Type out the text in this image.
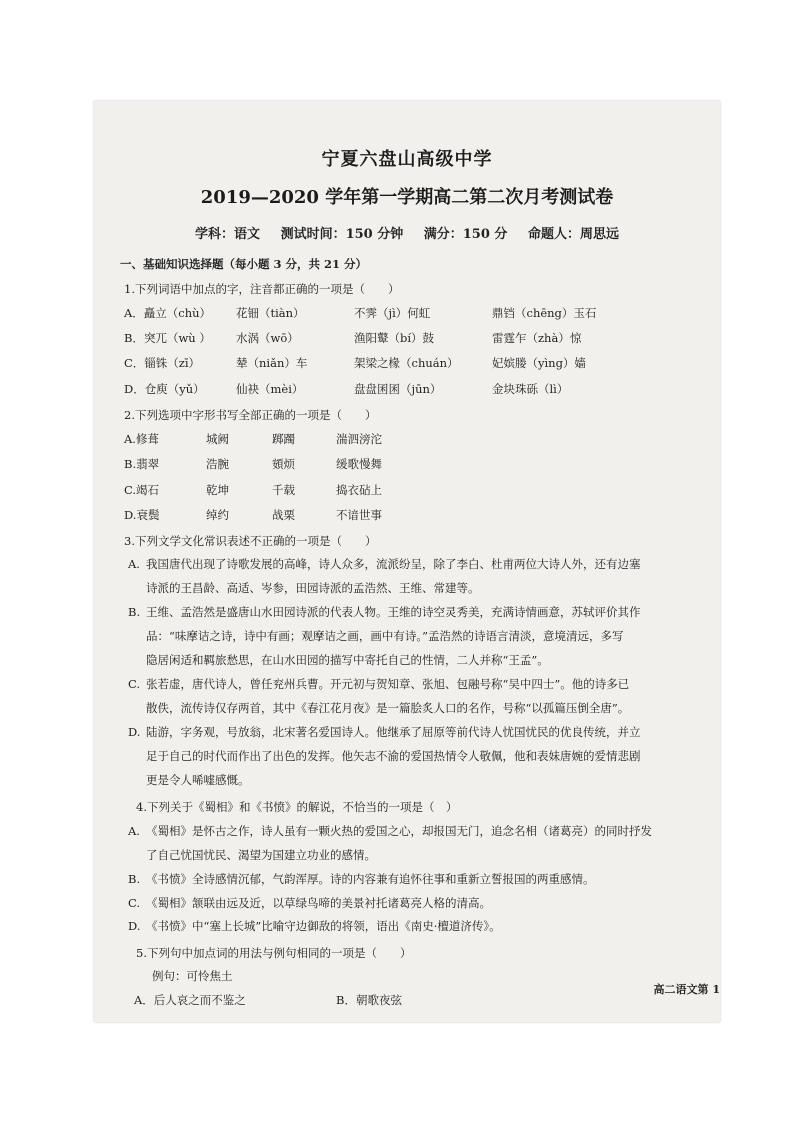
宁夏六盘山高级中学
2019—2020 学年第一学期高二第二次月考测试卷
学科：语文 测试时间：150 分钟 满分：150 分 命题人：周思远
一、基础知识选择题（每小题 3 分，共 21 分）
1.下列词语中加点的字，注音都正确的一项是（　　）
A．矗立（chù） 花钿（tiàn）	不霁（jì）何虹	鼎铛（chēng）玉石
B．突兀（wù ） 水涡（wō）	渔阳鼙（bí）鼓	雷霆乍（zhà）惊
C．锱铢（zī）	辇（niǎn）车	架梁之椽（chuán）	妃嫔媵（yìng）嫱
D．仓庾（yǔ）	仙袂（mèi）	盘盘囷囷（jūn）	金块珠砾（lì）
2.下列选项中字形书写全部正确的一项是（　　）
A.修葺	城阙	踯躅	湍泗滂沱
B.翡翠	浩腕	頞烦	缓歌慢舞
C.竭石	乾坤	千载	捣衣砧上
D.衰鬓	绰约	战栗	不谙世事
3.下列文学文化常识表述不正确的一项是（　　）
A. 我国唐代出现了诗歌发展的高峰，诗人众多，流派纷呈，除了李白、杜甫两位大诗人外，还有边塞
诗派的王昌龄、高适、岑参，田园诗派的孟浩然、王维、常建等。
B. 王维、孟浩然是盛唐山水田园诗派的代表人物。王维的诗空灵秀美，充满诗情画意，苏轼评价其作
品：“味摩诘之诗，诗中有画；观摩诘之画，画中有诗。”孟浩然的诗语言清淡，意境清远，多写
隐居闲适和羁旅愁思，在山水田园的描写中寄托自己的性情，二人并称“王孟”。
C. 张若虚，唐代诗人，曾任兖州兵曹。开元初与贺知章、张旭、包融号称“吴中四士”。他的诗多已
散佚，流传诗仅存两首，其中《春江花月夜》是一篇脍炙人口的名作，号称“以孤篇压倒全唐”。
D. 陆游，字务观，号放翁，北宋著名爱国诗人。他继承了屈原等前代诗人忧国忧民的优良传统，并立
足于自己的时代而作出了出色的发挥。他矢志不渝的爱国热情令人敬佩，他和表妹唐婉的爱情悲剧
更是令人唏嘘感慨。
4.下列关于《蜀相》和《书愤》的解说，不恰当的一项是（　）
A. 《蜀相》是怀古之作，诗人虽有一颗火热的爱国之心，却报国无门，追念名相（诸葛亮）的同时抒发
了自己忧国忧民、渴望为国建立功业的感情。
B. 《书愤》全诗感情沉郁，气韵浑厚。诗的内容兼有追怀往事和重新立誓报国的两重感情。
C. 《蜀相》颔联由远及近，以草绿鸟啼的美景衬托诸葛亮人格的清高。
D. 《书愤》中“塞上长城”比喻守边御敌的将领，语出《南史·檀道济传》。
5.下列句中加点词的用法与例句相同的一项是（　　）
例句：可怜焦土
A．后人哀之而不鉴之	B．朝歌夜弦
高二语文第 1
